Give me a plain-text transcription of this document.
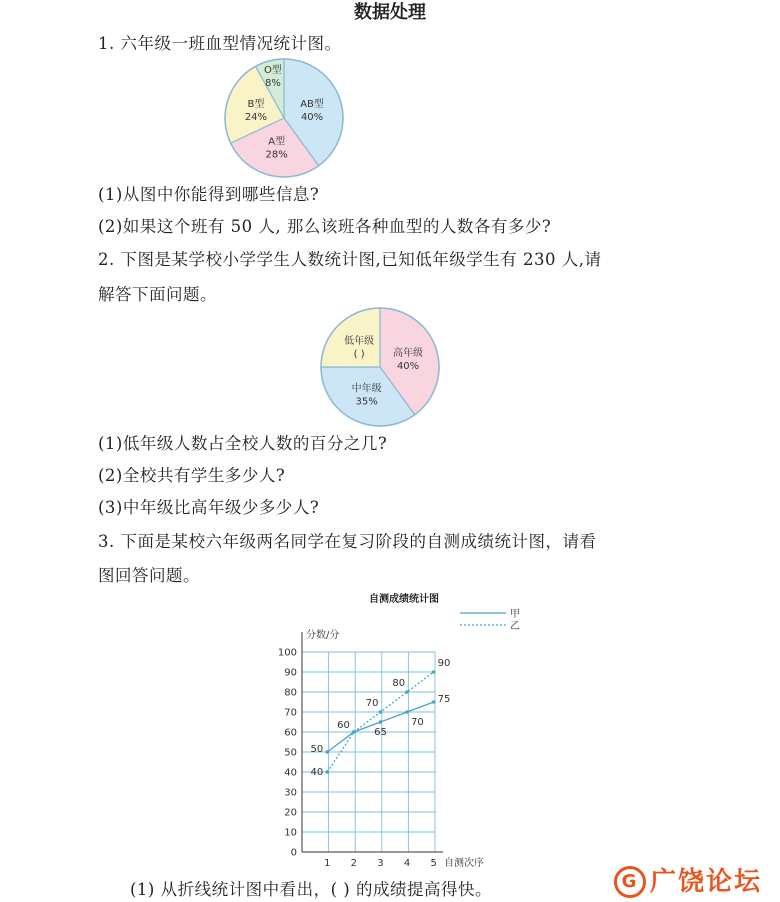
数据处理
1. 六年级一班血型情况统计图。
AB型
40%
A型
28%
B型
24%
O型
8%
(1)从图中你能得到哪些信息?
(2)如果这个班有 50 人, 那么该班各种血型的人数各有多少?
2. 下图是某学校小学学生人数统计图,已知低年级学生有 230 人,请
解答下面问题。
高年级
40%
中年级
35%
低年级
( )
(1)低年级人数占全校人数的百分之几?
(2)全校共有学生多少人?
(3)中年级比高年级少多少人?
3. 下面是某校六年级两名同学在复习阶段的自测成绩统计图，请看
图回答问题。
自测成绩统计图
甲
乙
分数/分
自测次序
0
10
20
30
40
50
60
70
80
90
100
1 2 3 4 5
50
60
65
70
75
40
70
80
90
(1) 从折线统计图中看出，( ) 的成绩提高得快。	G 广饶论坛
